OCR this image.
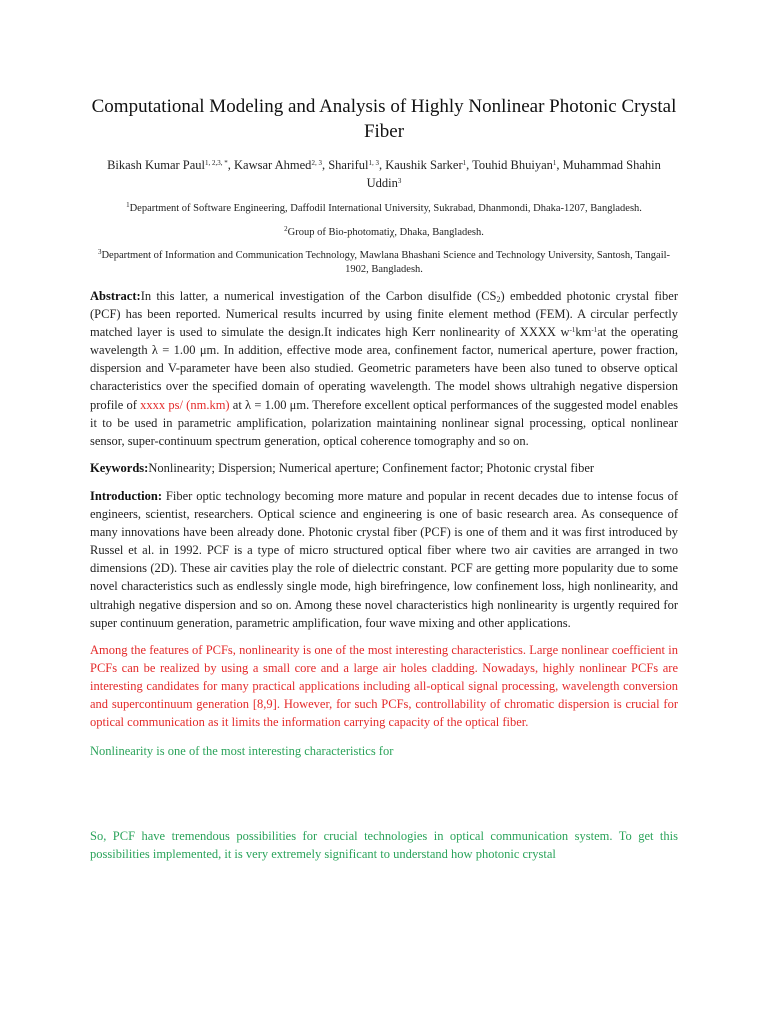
Computational Modeling and Analysis of Highly Nonlinear Photonic Crystal Fiber

Bikash Kumar Paul$^{1, 2,3, *}$, Kawsar Ahmed$^{2, 3}$, Shariful$^{1, 3}$, Kaushik Sarker$^1$, Touhid Bhuiyan$^1$, Muhammad Shahin Uddin$^3$

$^1$Department of Software Engineering, Daffodil International University, Sukrabad, Dhanmondi, Dhaka-1207, Bangladesh.

$^2$Group of Bio-photomatiχ, Dhaka, Bangladesh.

$^3$Department of Information and Communication Technology, Mawlana Bhashani Science and Technology University, Santosh, Tangail-1902, Bangladesh.

Abstract:In this latter, a numerical investigation of the Carbon disulfide $(CS_2)$ embedded photonic crystal fiber (PCF) has been reported. Numerical results incurred by using finite element method (FEM). A circular perfectly matched layer is used to simulate the design.It indicates high Kerr nonlinearity of XXXX $w^{-1}km^{-1}at$ the operating wavelength λ = 1.00 μm. In addition, effective mode area, confinement factor, numerical aperture, power fraction, dispersion and V-parameter have been also studied. Geometric parameters have been also tuned to observe optical characteristics over the specified domain of operating wavelength. The model shows ultrahigh negative dispersion profile of xxxx ps/ (nm.km) at λ = 1.00 μm. Therefore excellent optical performances of the suggested model enables it to be used in parametric amplification, polarization maintaining nonlinear signal processing, optical nonlinear sensor, super-continuum spectrum generation, optical coherence tomography and so on.

Keywords:Nonlinearity; Dispersion; Numerical aperture; Confinement factor; Photonic crystal fiber

Introduction: Fiber optic technology becoming more mature and popular in recent decades due to intense focus of engineers, scientist, researchers. Optical science and engineering is one of basic research area. As consequence of many innovations have been already done. Photonic crystal fiber (PCF) is one of them and it was first introduced by Russel et al. in 1992. PCF is a type of micro structured optical fiber where two air cavities are arranged in two dimensions (2D). These air cavities play the role of dielectric constant. PCF are getting more popularity due to some novel characteristics such as endlessly single mode, high birefringence, low confinement loss, high nonlinearity, and ultrahigh negative dispersion and so on. Among these novel characteristics high nonlinearity is urgently required for super continuum generation, parametric amplification, four wave mixing and other applications.

Among the features of PCFs, nonlinearity is one of the most interesting characteristics. Large nonlinear coefficient in PCFs can be realized by using a small core and a large air holes cladding. Nowadays, highly nonlinear PCFs are interesting candidates for many practical applications including all-optical signal processing, wavelength conversion and supercontinuum generation [8,9]. However, for such PCFs, controllability of chromatic dispersion is crucial for optical communication as it limits the information carrying capacity of the optical fiber.

Nonlinearity is one of the most interesting characteristics for

So, PCF have tremendous possibilities for crucial technologies in optical communication system. To get this possibilities implemented, it is very extremely significant to understand how photonic crystal
